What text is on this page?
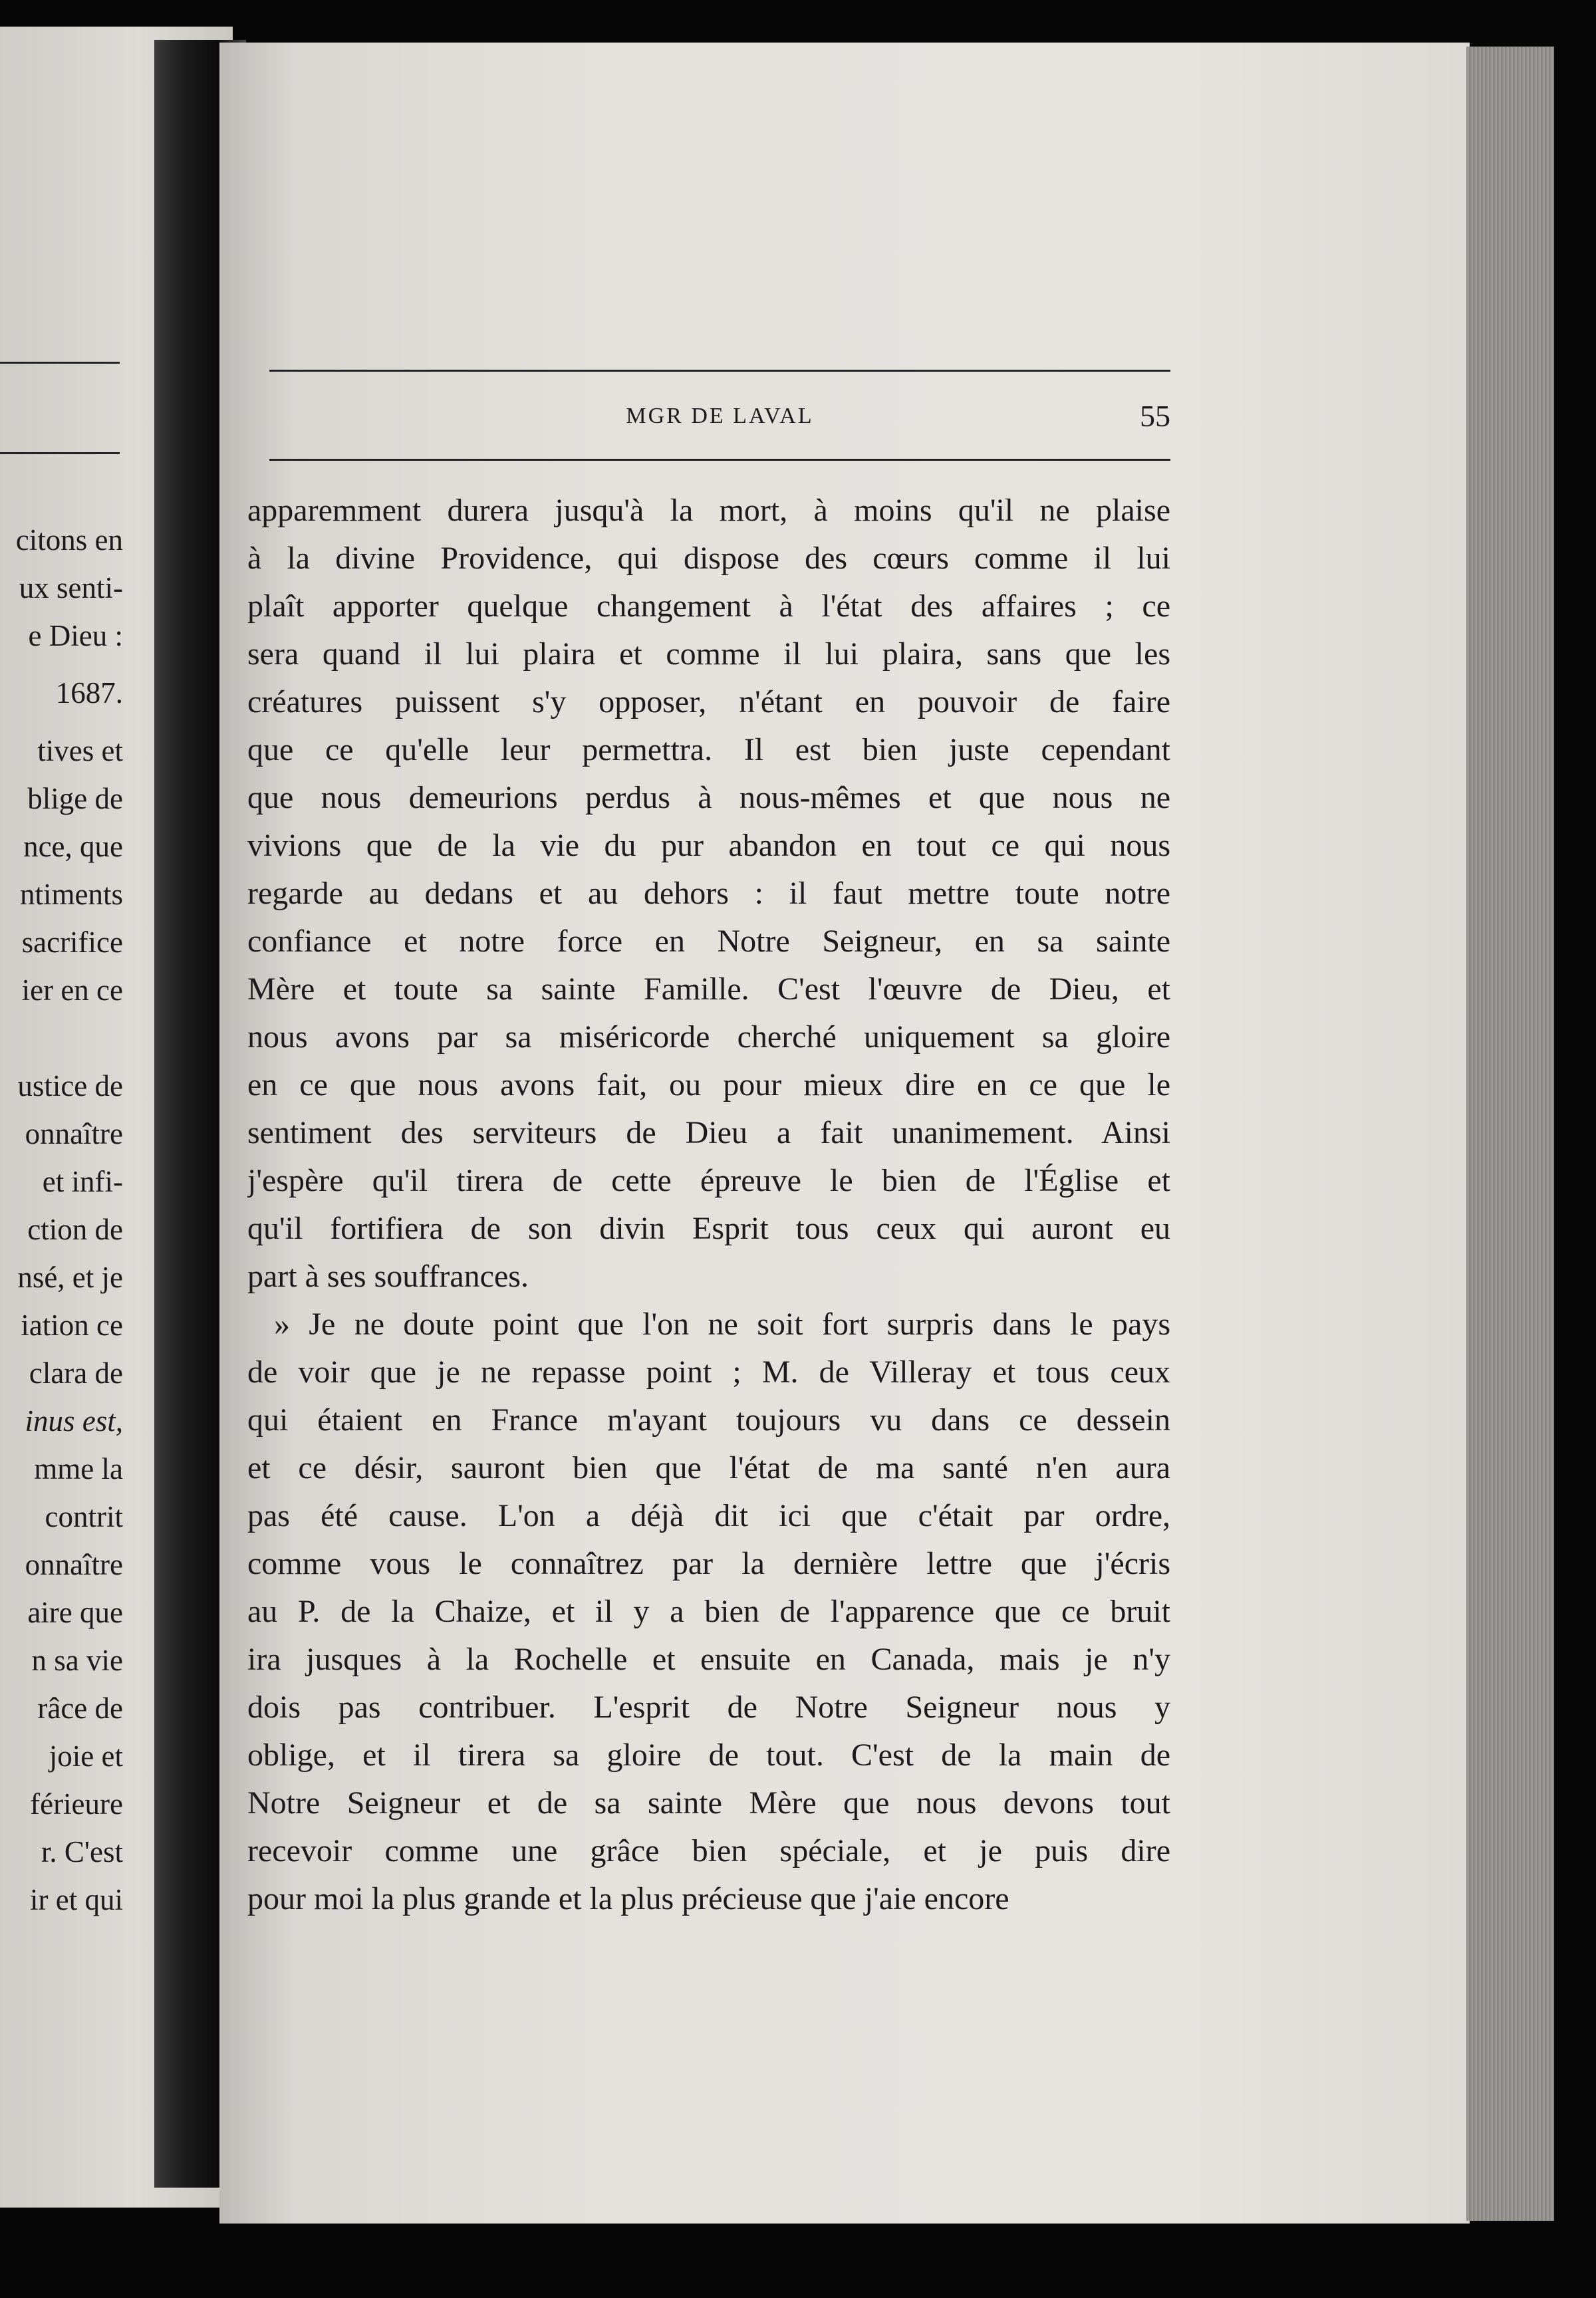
citons en
ux senti-
e Dieu :
1687.
tives et
blige de
nce, que
ntiments
sacrifice
ier en ce
ustice de
onnaître
et infi-
ction de
nsé, et je
iation ce
clara de
inus est,
mme la
contrit
onnaître
aire que
n sa vie
râce de
joie et
férieure
r. C'est
ir et qui
MGR DE LAVAL	55
apparemment durera jusqu'à la mort, à moins qu'il ne plaise
à la divine Providence, qui dispose des cœurs comme il lui
plaît apporter quelque changement à l'état des affaires ; ce
sera quand il lui plaira et comme il lui plaira, sans que les
créatures puissent s'y opposer, n'étant en pouvoir de faire
que ce qu'elle leur permettra. Il est bien juste cependant
que nous demeurions perdus à nous-mêmes et que nous ne
vivions que de la vie du pur abandon en tout ce qui nous
regarde au dedans et au dehors : il faut mettre toute notre
confiance et notre force en Notre Seigneur, en sa sainte
Mère et toute sa sainte Famille. C'est l'œuvre de Dieu, et
nous avons par sa miséricorde cherché uniquement sa gloire
en ce que nous avons fait, ou pour mieux dire en ce que le
sentiment des serviteurs de Dieu a fait unanimement. Ainsi
j'espère qu'il tirera de cette épreuve le bien de l'Église et
qu'il fortifiera de son divin Esprit tous ceux qui auront eu
part à ses souffrances.
» Je ne doute point que l'on ne soit fort surpris dans le pays
de voir que je ne repasse point ; M. de Villeray et tous ceux
qui étaient en France m'ayant toujours vu dans ce dessein
et ce désir, sauront bien que l'état de ma santé n'en aura
pas été cause. L'on a déjà dit ici que c'était par ordre,
comme vous le connaîtrez par la dernière lettre que j'écris
au P. de la Chaize, et il y a bien de l'apparence que ce bruit
ira jusques à la Rochelle et ensuite en Canada, mais je n'y
dois pas contribuer. L'esprit de Notre Seigneur nous y
oblige, et il tirera sa gloire de tout. C'est de la main de
Notre Seigneur et de sa sainte Mère que nous devons tout
recevoir comme une grâce bien spéciale, et je puis dire
pour moi la plus grande et la plus précieuse que j'aie encore
